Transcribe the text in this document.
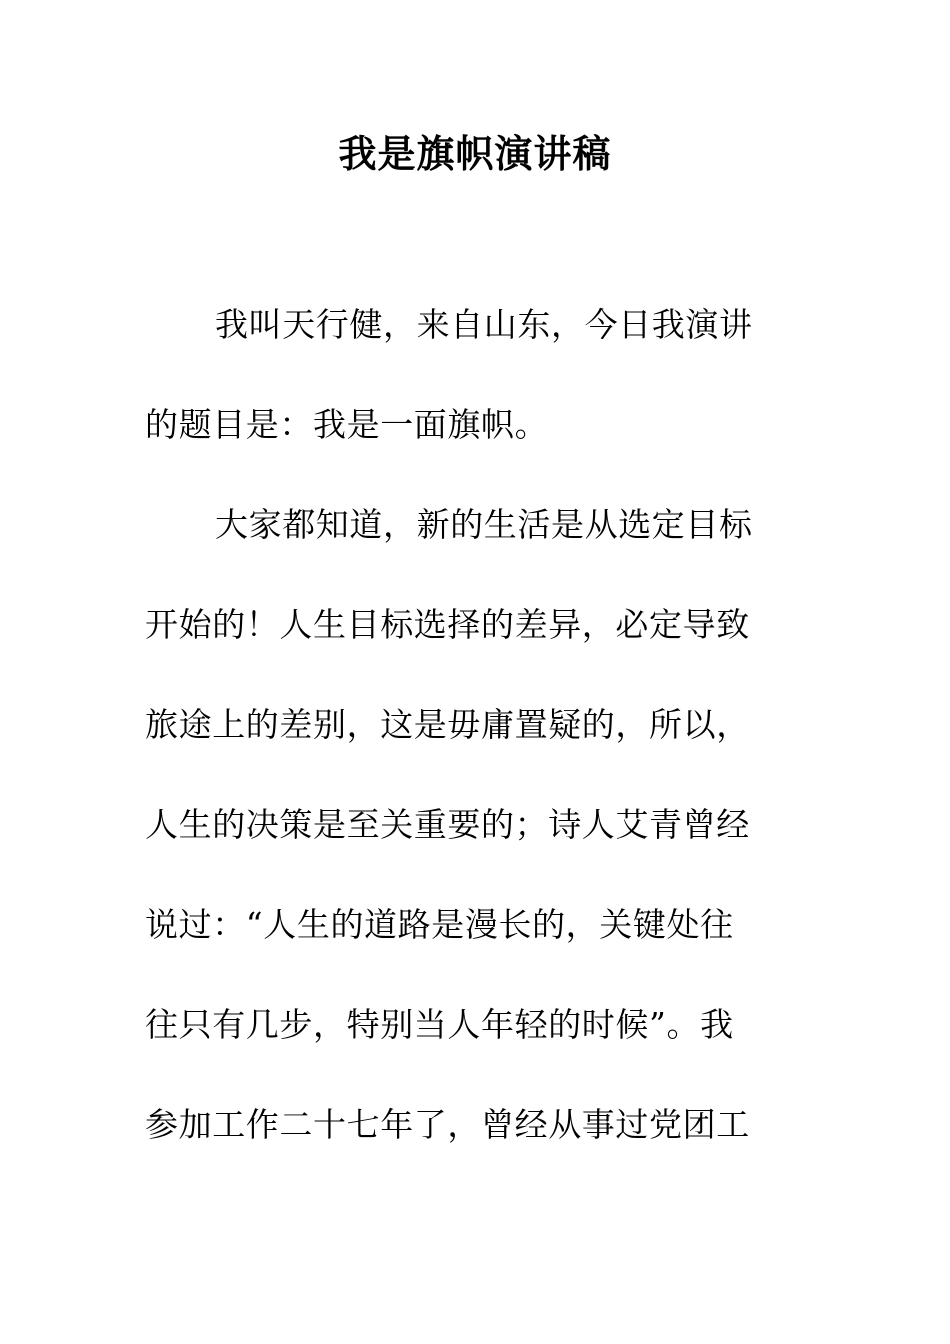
我是旗帜演讲稿
我叫天行健，来自山东，今日我演讲
的题目是：我是一面旗帜。
大家都知道，新的生活是从选定目标
开始的！人生目标选择的差异，必定导致
旅途上的差别，这是毋庸置疑的，所以，
人生的决策是至关重要的；诗人艾青曾经
说过：“人生的道路是漫长的，关键处往
往只有几步，特别当人年轻的时候”。我
参加工作二十七年了，曾经从事过党团工
